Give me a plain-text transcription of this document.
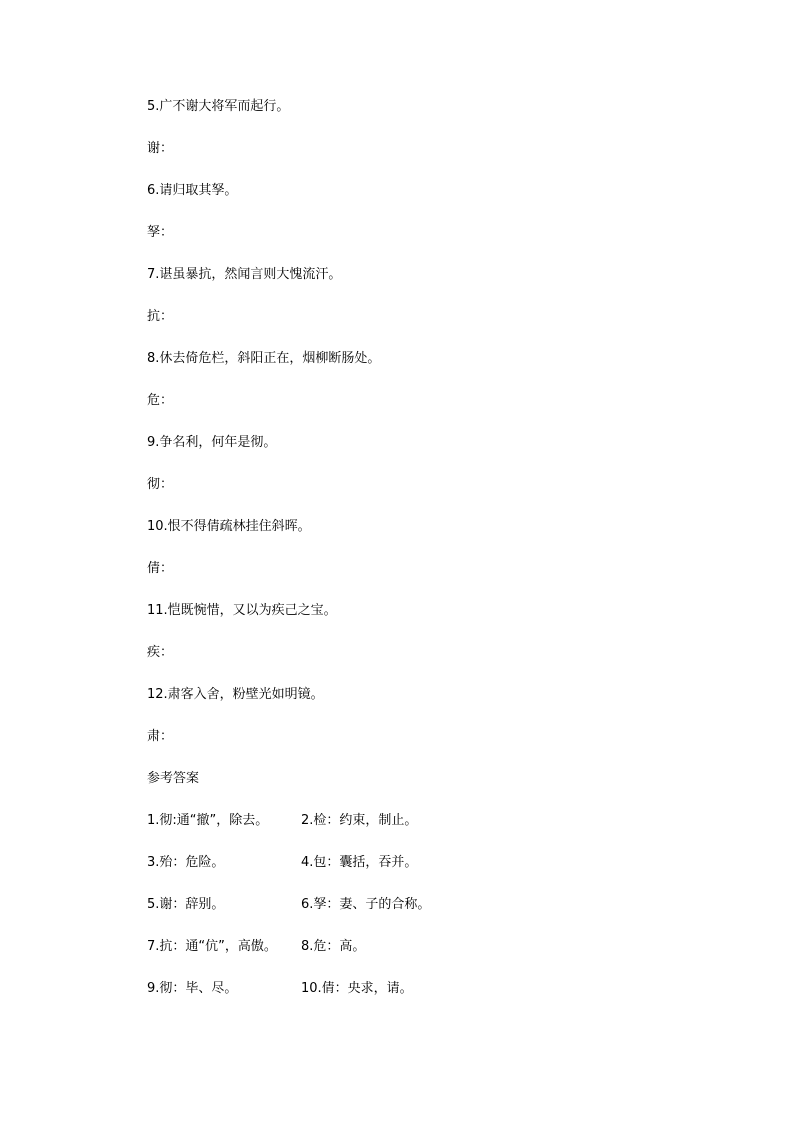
5.广不谢大将军而起行。
谢：
6.请归取其孥。
孥：
7.谌虽暴抗，然闻言则大愧流汗。
抗：
8.休去倚危栏，斜阳正在，烟柳断肠处。
危：
9.争名利，何年是彻。
彻：
10.恨不得倩疏林挂住斜晖。
倩：
11.恺既惋惜，又以为疾己之宝。
疾：
12.肃客入舍，粉壁光如明镜。
肃：
参考答案
1.彻:通“撤”，除去。	2.检：约束，制止。
3.殆：危险。	4.包：囊括，吞并。
5.谢：辞别。	6.孥：妻、子的合称。
7.抗：通“伉”，高傲。	8.危：高。
9.彻：毕、尽。	10.倩：央求，请。
